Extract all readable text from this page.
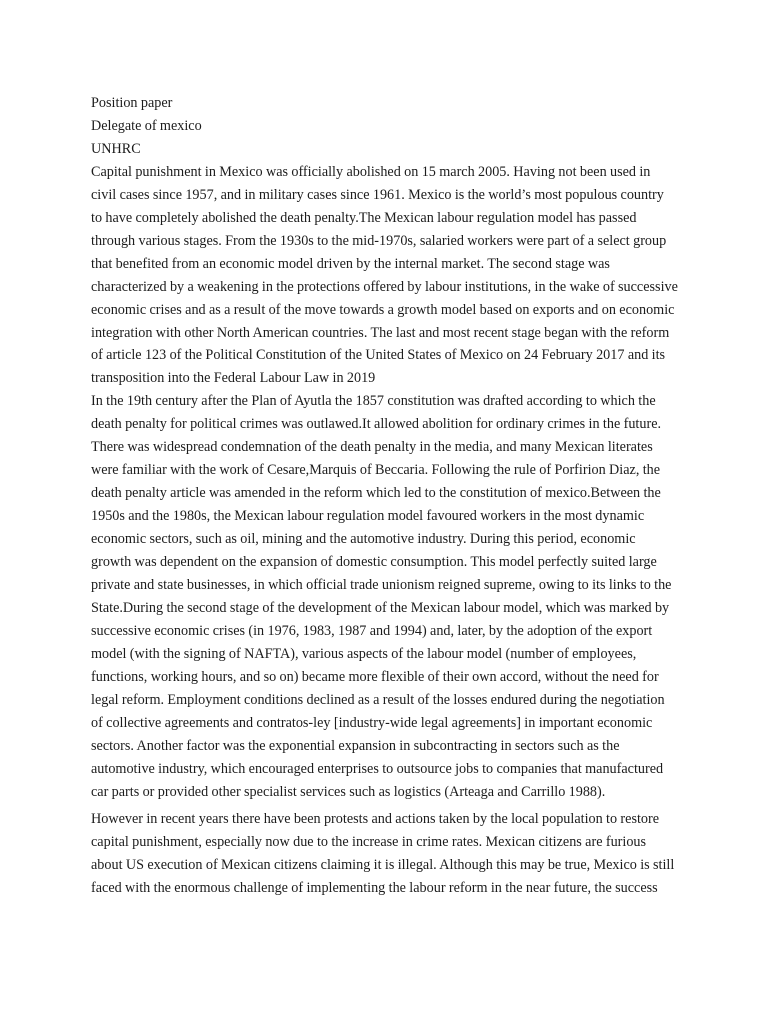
Position paper
Delegate of mexico
UNHRC
Capital punishment in Mexico was officially abolished on 15 march 2005. Having not been used in civil cases since 1957, and in military cases since 1961. Mexico is the world’s most populous country to have completely abolished the death penalty.The Mexican labour regulation model has passed through various stages. From the 1930s to the mid-1970s, salaried workers were part of a select group that benefited from an economic model driven by the internal market. The second stage was characterized by a weakening in the protections offered by labour institutions, in the wake of successive economic crises and as a result of the move towards a growth model based on exports and on economic integration with other North American countries. The last and most recent stage began with the reform of article 123 of the Political Constitution of the United States of Mexico on 24 February 2017 and its transposition into the Federal Labour Law in 2019
In the 19th century after the Plan of Ayutla the 1857 constitution was drafted according to which the death penalty for political crimes was outlawed.It allowed abolition for ordinary crimes in the future. There was widespread condemnation of the death penalty in the media, and many Mexican literates were familiar with the work of Cesare,Marquis of Beccaria. Following the rule of Porfirion Diaz, the death penalty article was amended in the reform which led to the constitution of mexico.Between the 1950s and the 1980s, the Mexican labour regulation model favoured workers in the most dynamic economic sectors, such as oil, mining and the automotive industry. During this period, economic growth was dependent on the expansion of domestic consumption. This model perfectly suited large private and state businesses, in which official trade unionism reigned supreme, owing to its links to the State.During the second stage of the development of the Mexican labour model, which was marked by successive economic crises (in 1976, 1983, 1987 and 1994) and, later, by the adoption of the export model (with the signing of NAFTA), various aspects of the labour model (number of employees, functions, working hours, and so on) became more flexible of their own accord, without the need for legal reform. Employment conditions declined as a result of the losses endured during the negotiation of collective agreements and contratos-ley [industry-wide legal agreements] in important economic sectors. Another factor was the exponential expansion in subcontracting in sectors such as the automotive industry, which encouraged enterprises to outsource jobs to companies that manufactured car parts or provided other specialist services such as logistics (Arteaga and Carrillo 1988).
However in recent years there have been protests and actions taken by the local population to restore capital punishment, especially now due to the increase in crime rates. Mexican citizens are furious about US execution of Mexican citizens claiming it is illegal. Although this may be true, Mexico is still faced with the enormous challenge of implementing the labour reform in the near future, the success
